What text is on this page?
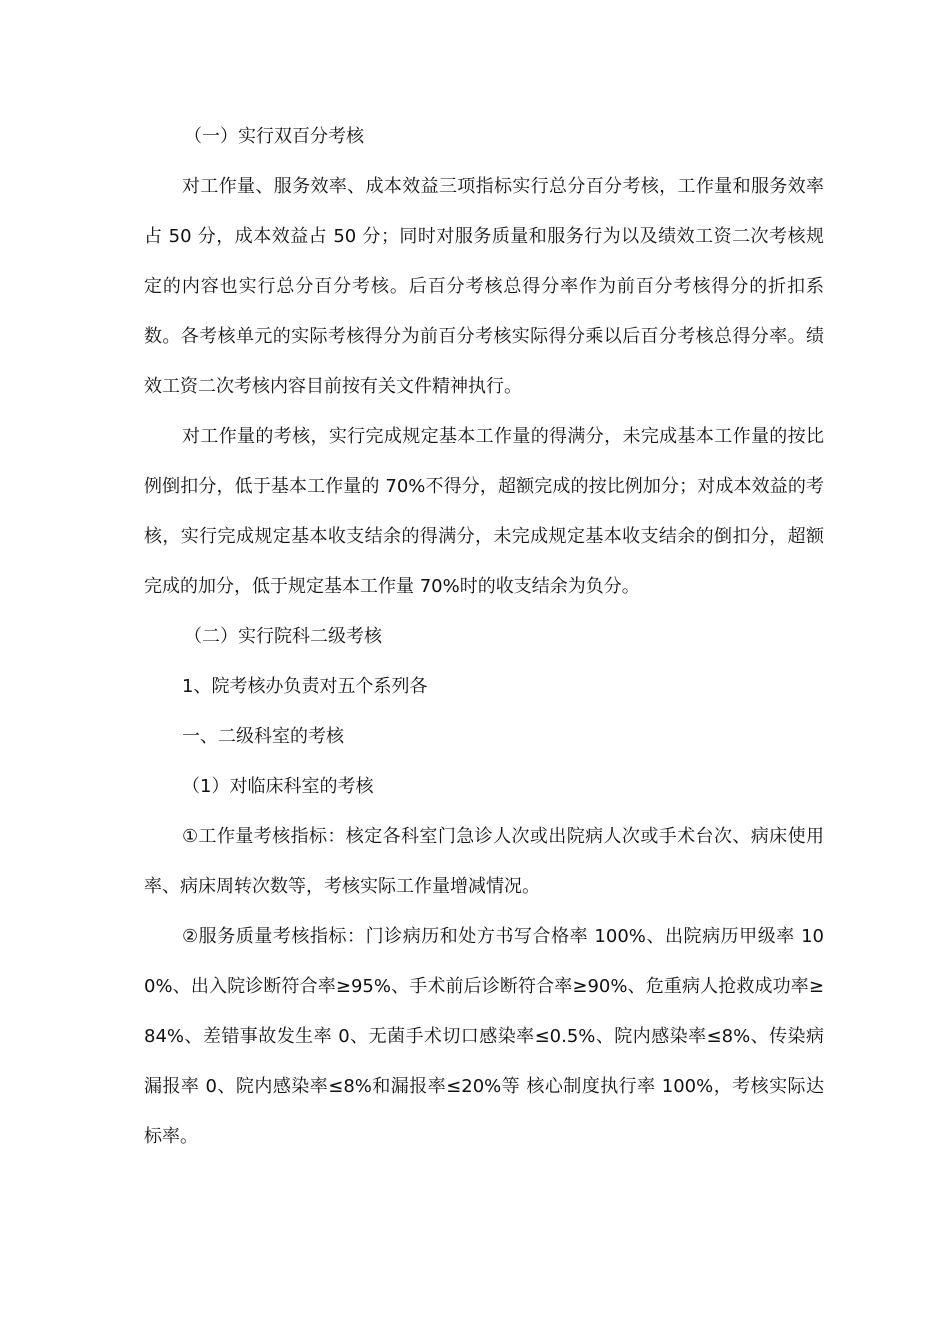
（一）实行双百分考核

对工作量、服务效率、成本效益三项指标实行总分百分考核，工作量和服务效率占 50 分，成本效益占 50 分；同时对服务质量和服务行为以及绩效工资二次考核规定的内容也实行总分百分考核。后百分考核总得分率作为前百分考核得分的折扣系数。各考核单元的实际考核得分为前百分考核实际得分乘以后百分考核总得分率。绩效工资二次考核内容目前按有关文件精神执行。

对工作量的考核，实行完成规定基本工作量的得满分，未完成基本工作量的按比例倒扣分，低于基本工作量的 70%不得分，超额完成的按比例加分；对成本效益的考核，实行完成规定基本收支结余的得满分，未完成规定基本收支结余的倒扣分，超额完成的加分，低于规定基本工作量 70%时的收支结余为负分。

（二）实行院科二级考核

1、院考核办负责对五个系列各

一、二级科室的考核

（1）对临床科室的考核

①工作量考核指标：核定各科室门急诊人次或出院病人次或手术台次、病床使用率、病床周转次数等，考核实际工作量增减情况。

②服务质量考核指标：门诊病历和处方书写合格率 100%、出院病历甲级率 100%、出入院诊断符合率≥95%、手术前后诊断符合率≥90%、危重病人抢救成功率≥84%、差错事故发生率 0、无菌手术切口感染率≤0.5%、院内感染率≤8%、传染病漏报率 0、院内感染率≤8%和漏报率≤20%等 核心制度执行率 100%，考核实际达标率。
